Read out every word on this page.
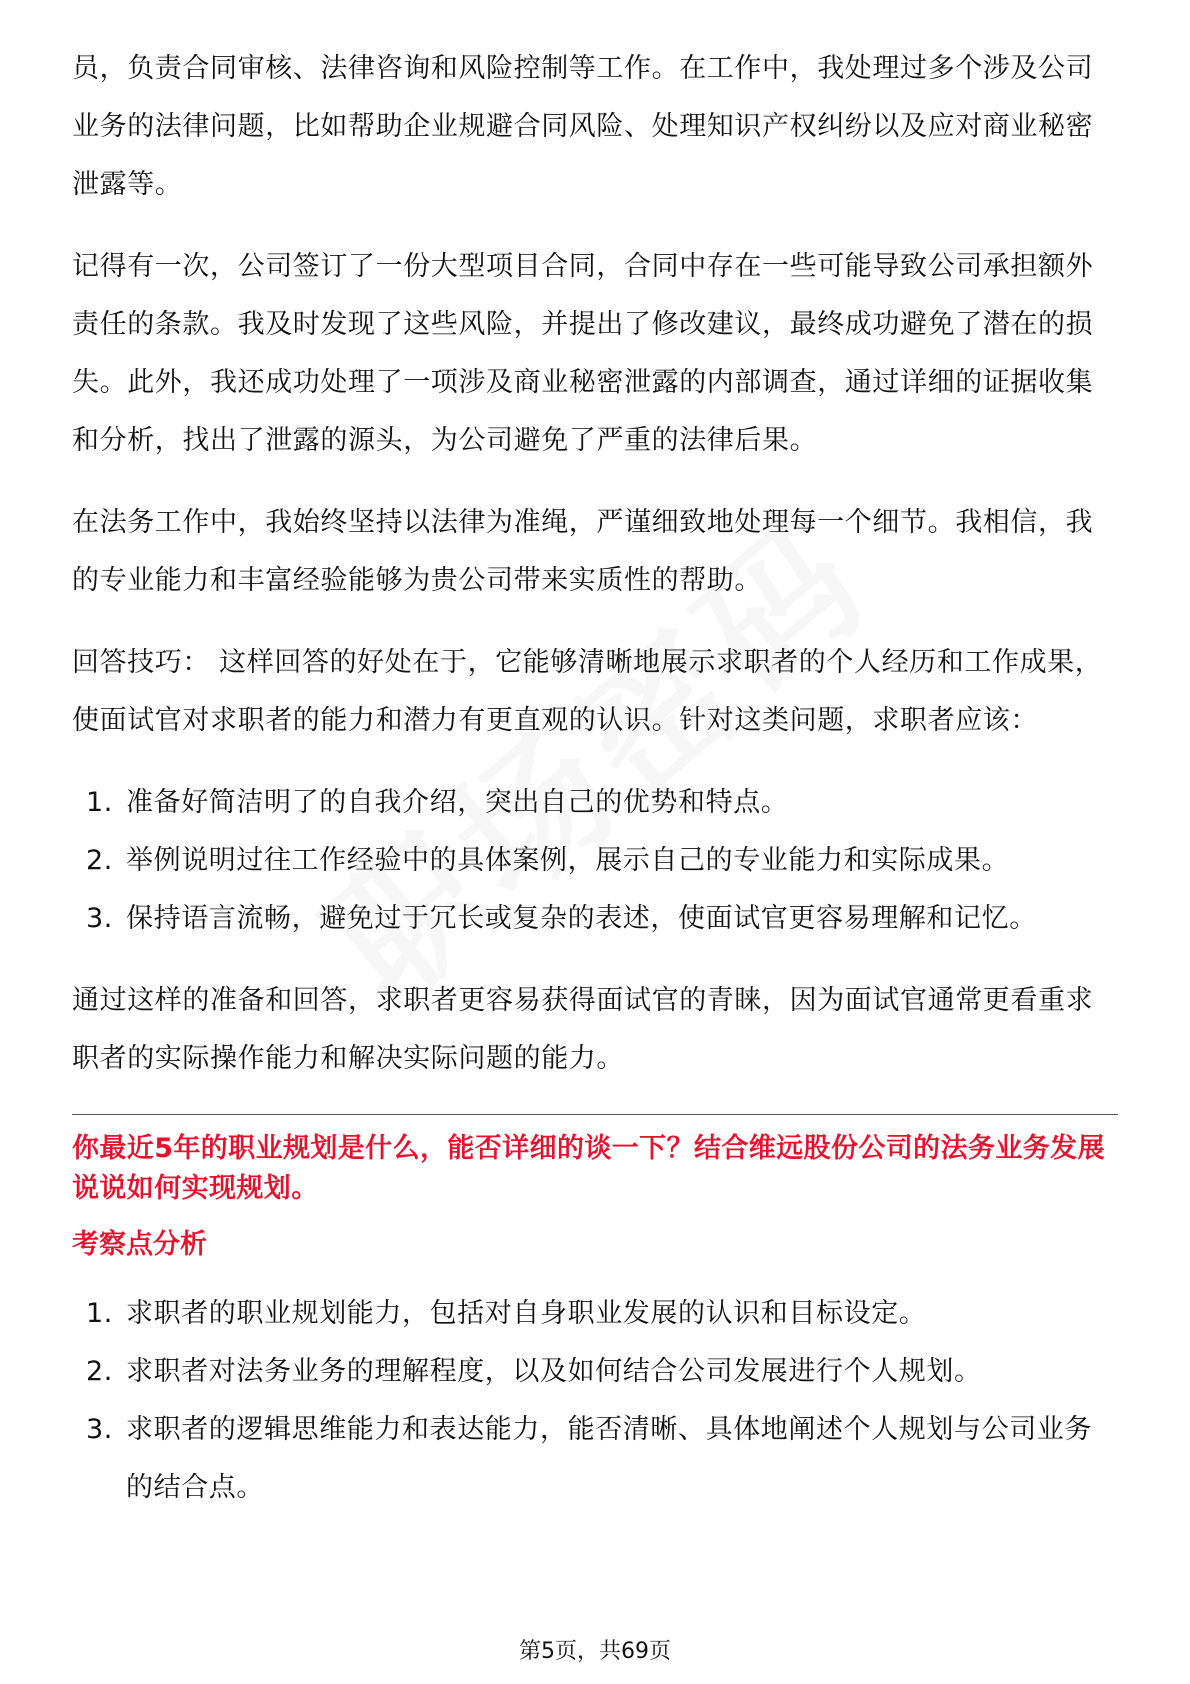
员，负责合同审核、法律咨询和风险控制等工作。在工作中，我处理过多个涉及公司业务的法律问题，比如帮助企业规避合同风险、处理知识产权纠纷以及应对商业秘密泄露等。

记得有一次，公司签订了一份大型项目合同，合同中存在一些可能导致公司承担额外责任的条款。我及时发现了这些风险，并提出了修改建议，最终成功避免了潜在的损失。此外，我还成功处理了一项涉及商业秘密泄露的内部调查，通过详细的证据收集和分析，找出了泄露的源头，为公司避免了严重的法律后果。

在法务工作中，我始终坚持以法律为准绳，严谨细致地处理每一个细节。我相信，我的专业能力和丰富经验能够为贵公司带来实质性的帮助。

回答技巧： 这样回答的好处在于，它能够清晰地展示求职者的个人经历和工作成果，使面试官对求职者的能力和潜力有更直观的认识。针对这类问题，求职者应该：

1. 准备好简洁明了的自我介绍，突出自己的优势和特点。
2. 举例说明过往工作经验中的具体案例，展示自己的专业能力和实际成果。
3. 保持语言流畅，避免过于冗长或复杂的表述，使面试官更容易理解和记忆。

通过这样的准备和回答，求职者更容易获得面试官的青睐，因为面试官通常更看重求职者的实际操作能力和解决实际问题的能力。

你最近5年的职业规划是什么，能否详细的谈一下？结合维远股份公司的法务业务发展说说如何实现规划。

考察点分析

1. 求职者的职业规划能力，包括对自身职业发展的认识和目标设定。
2. 求职者对法务业务的理解程度，以及如何结合公司发展进行个人规划。
3. 求职者的逻辑思维能力和表达能力，能否清晰、具体地阐述个人规划与公司业务的结合点。
第5页，共69页
